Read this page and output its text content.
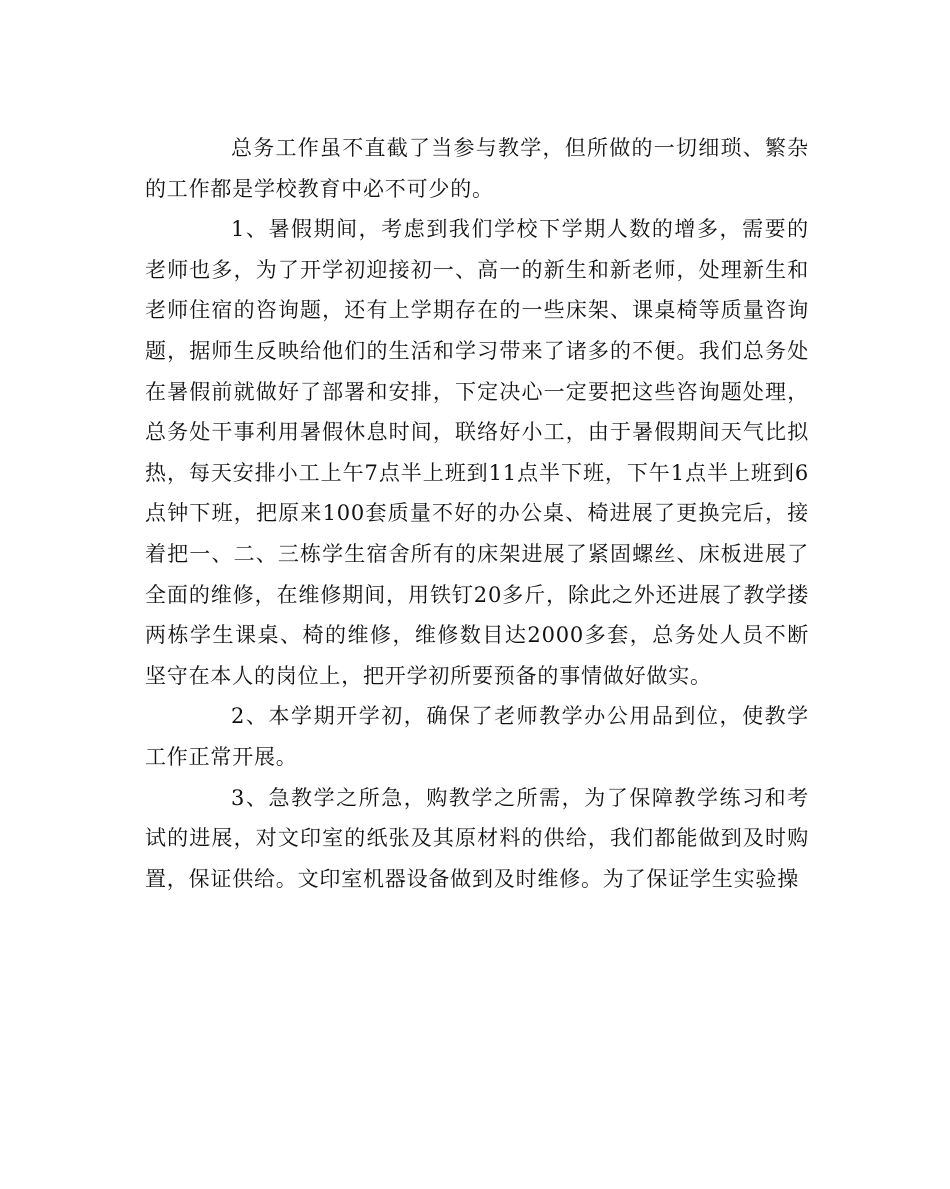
总务工作虽不直截了当参与教学，但所做的一切细琐、繁杂的工作都是学校教育中必不可少的。

1、暑假期间，考虑到我们学校下学期人数的增多，需要的老师也多，为了开学初迎接初一、高一的新生和新老师，处理新生和老师住宿的咨询题，还有上学期存在的一些床架、课桌椅等质量咨询题，据师生反映给他们的生活和学习带来了诸多的不便。我们总务处在暑假前就做好了部署和安排，下定决心一定要把这些咨询题处理，总务处干事利用暑假休息时间，联络好小工，由于暑假期间天气比拟热，每天安排小工上午7点半上班到11点半下班，下午1点半上班到6点钟下班，把原来100套质量不好的办公桌、椅进展了更换完后，接着把一、二、三栋学生宿舍所有的床架进展了紧固螺丝、床板进展了全面的维修，在维修期间，用铁钉20多斤，除此之外还进展了教学搂两栋学生课桌、椅的维修，维修数目达2000多套，总务处人员不断坚守在本人的岗位上，把开学初所要预备的事情做好做实。

2、本学期开学初，确保了老师教学办公用品到位，使教学工作正常开展。

3、急教学之所急，购教学之所需，为了保障教学练习和考试的进展，对文印室的纸张及其原材料的供给，我们都能做到及时购置，保证供给。文印室机器设备做到及时维修。为了保证学生实验操
